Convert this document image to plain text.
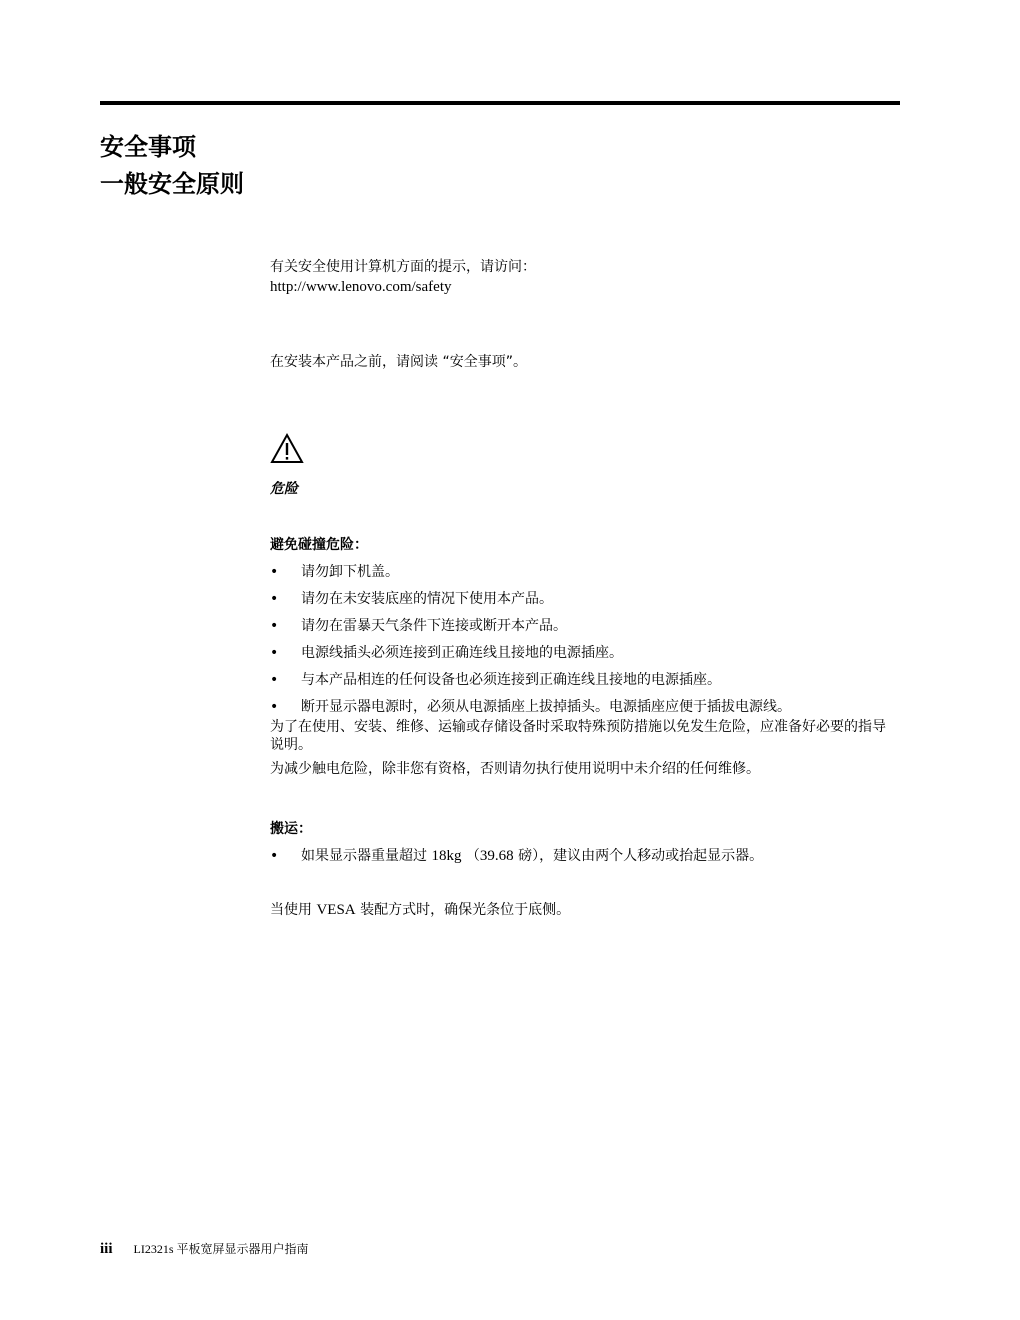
安全事项
一般安全原则

有关安全使用计算机方面的提示，请访问：

http://www.lenovo.com/safety

在安装本产品之前，请阅读 “安全事项”。

危险

避免碰撞危险：

• 请勿卸下机盖。
• 请勿在未安装底座的情况下使用本产品。
• 请勿在雷暴天气条件下连接或断开本产品。
• 电源线插头必须连接到正确连线且接地的电源插座。
• 与本产品相连的任何设备也必须连接到正确连线且接地的电源插座。
• 断开显示器电源时，必须从电源插座上拔掉插头。电源插座应便于插拔电源线。

为了在使用、安装、维修、运输或存储设备时采取特殊预防措施以免发生危险，应准备好必要的指导说明。

为减少触电危险，除非您有资格，否则请勿执行使用说明中未介绍的任何维修。

搬运：

• 如果显示器重量超过 18kg （39.68 磅），建议由两个人移动或抬起显示器。

当使用 VESA 装配方式时，确保光条位于底侧。

iii LI2321s 平板宽屏显示器用户指南
